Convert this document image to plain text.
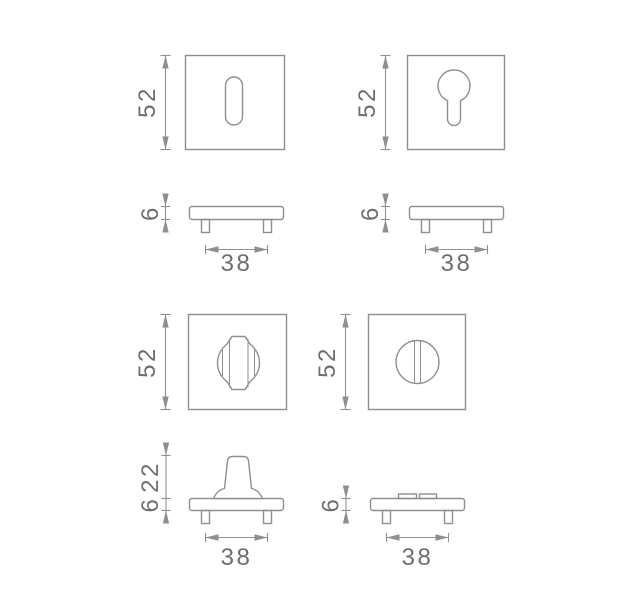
52	52
6
38
6
38
52	52
22
6
38
6
38
